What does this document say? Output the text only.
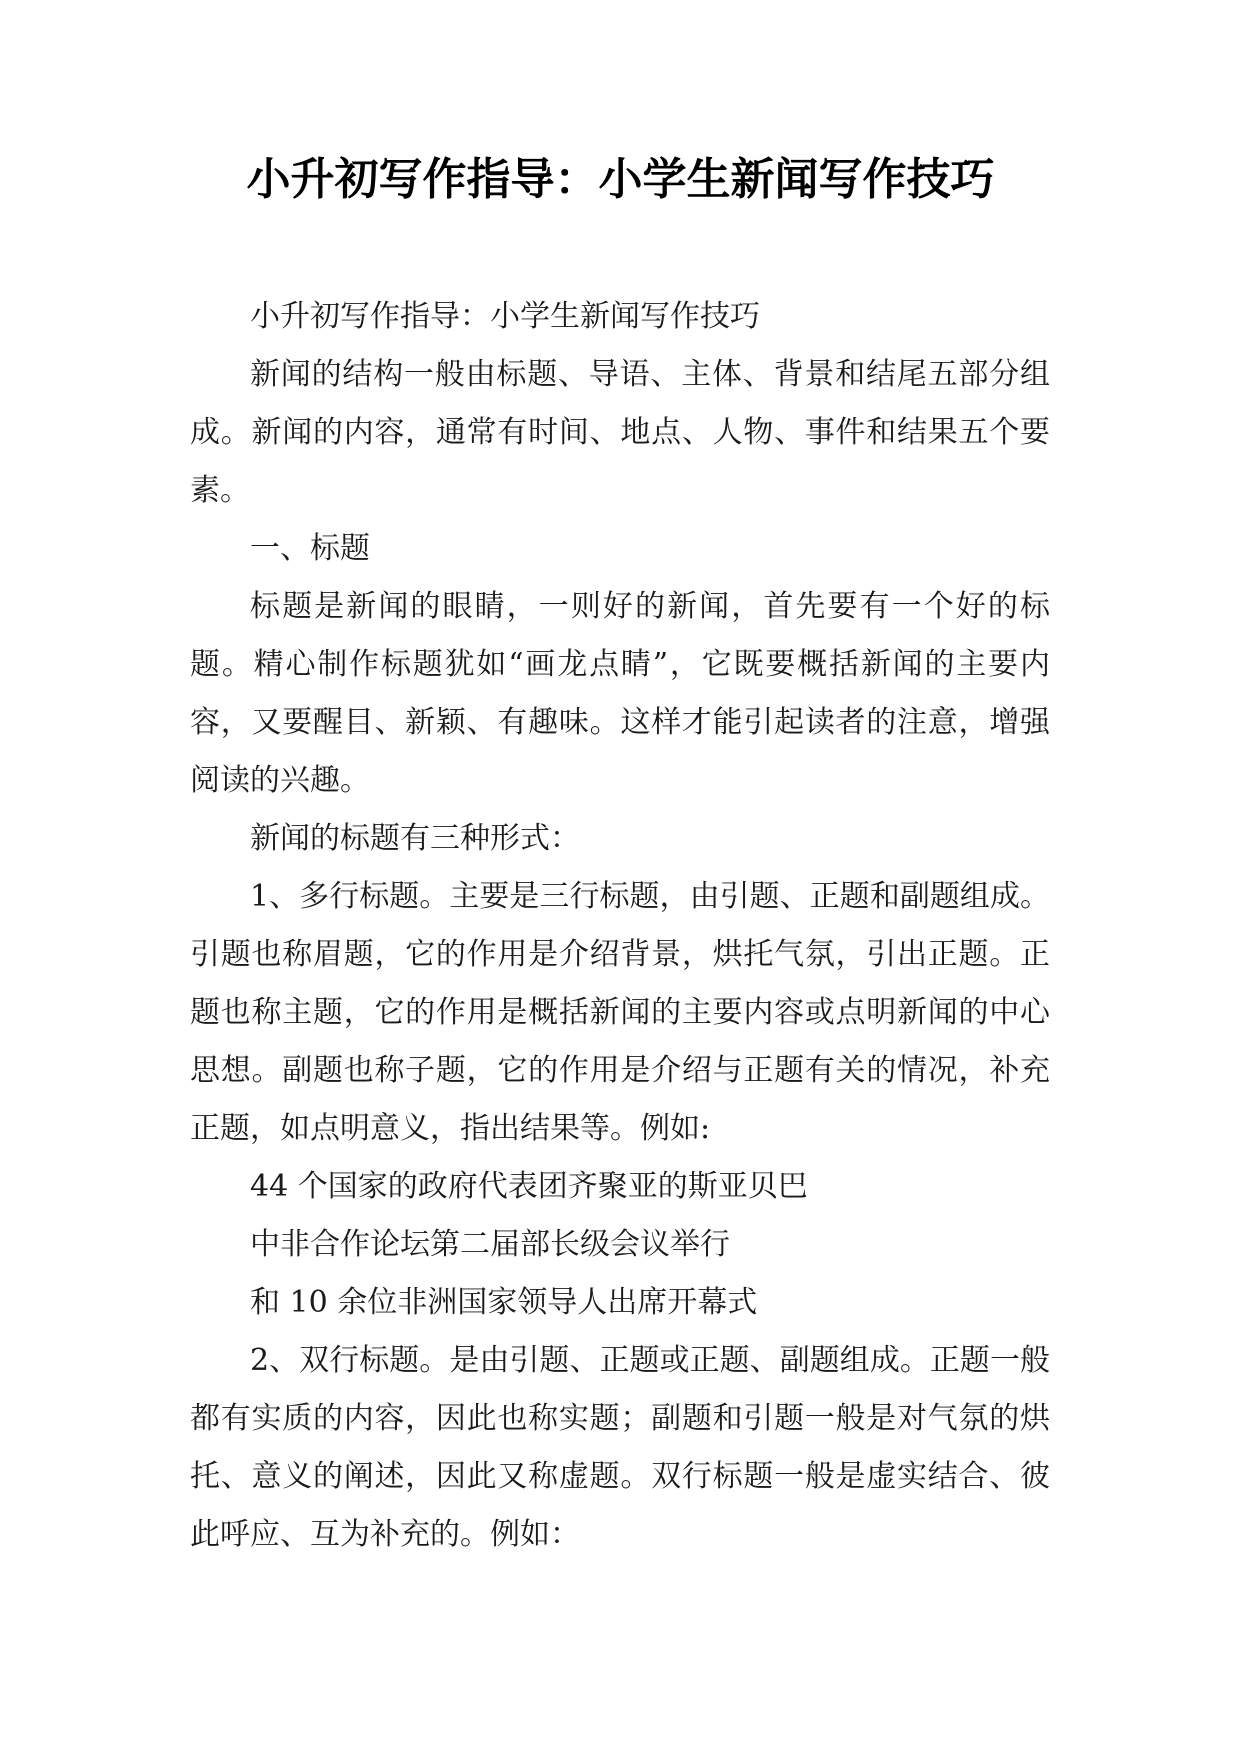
小升初写作指导：小学生新闻写作技巧

小升初写作指导：小学生新闻写作技巧

新闻的结构一般由标题、导语、主体、背景和结尾五部分组成。新闻的内容，通常有时间、地点、人物、事件和结果五个要素。

一、标题

标题是新闻的眼睛，一则好的新闻，首先要有一个好的标题。精心制作标题犹如“画龙点睛”，它既要概括新闻的主要内容，又要醒目、新颖、有趣味。这样才能引起读者的注意，增强阅读的兴趣。

新闻的标题有三种形式：

1、多行标题。主要是三行标题，由引题、正题和副题组成。引题也称眉题，它的作用是介绍背景，烘托气氛，引出正题。正题也称主题，它的作用是概括新闻的主要内容或点明新闻的中心思想。副题也称子题，它的作用是介绍与正题有关的情况，补充正题，如点明意义，指出结果等。例如:

44 个国家的政府代表团齐聚亚的斯亚贝巴

中非合作论坛第二届部长级会议举行

和 10 余位非洲国家领导人出席开幕式

2、双行标题。是由引题、正题或正题、副题组成。正题一般都有实质的内容，因此也称实题；副题和引题一般是对气氛的烘托、意义的阐述，因此又称虚题。双行标题一般是虚实结合、彼此呼应、互为补充的。例如：
